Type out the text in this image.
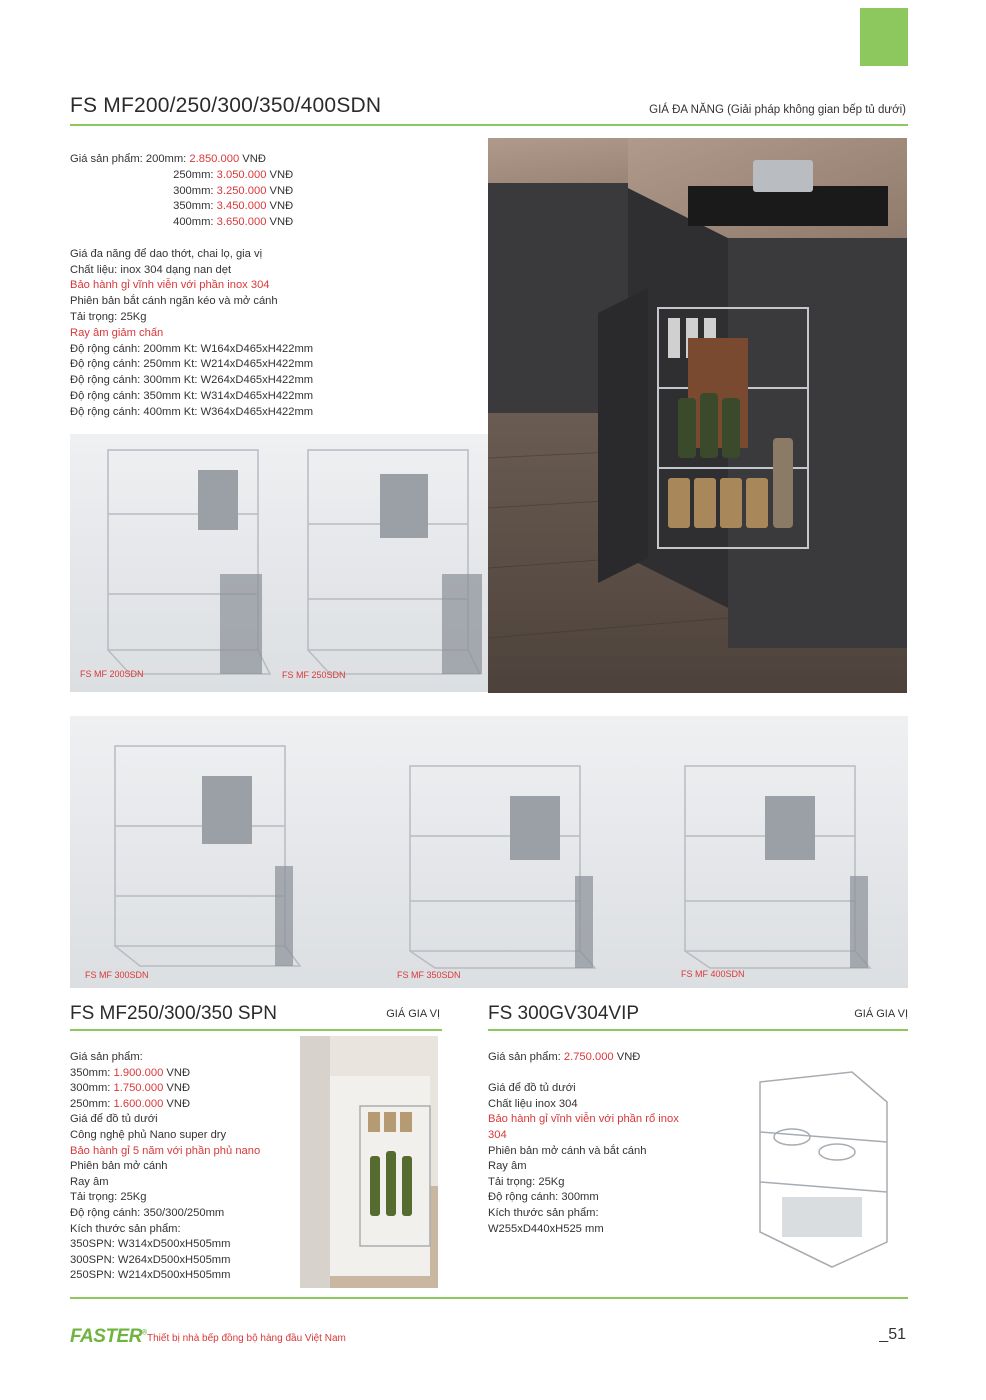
FS MF200/250/300/350/400SDN	GIÁ ĐA NĂNG (Giải pháp không gian bếp tủ dưới)
Giá sản phẩm: 200mm: 2.850.000 VNĐ
250mm: 3.050.000 VNĐ
300mm: 3.250.000 VNĐ
350mm: 3.450.000 VNĐ
400mm: 3.650.000 VNĐ
Giá đa năng để dao thớt, chai lọ, gia vị
Chất liệu: inox 304 dạng nan dẹt
Bảo hành gỉ vĩnh viễn với phần inox 304
Phiên bản bắt cánh ngăn kéo và mở cánh
Tải trọng: 25Kg
Ray âm giảm chấn
Độ rộng cánh: 200mm Kt: W164xD465xH422mm
Độ rộng cánh: 250mm Kt: W214xD465xH422mm
Độ rộng cánh: 300mm Kt: W264xD465xH422mm
Độ rộng cánh: 350mm Kt: W314xD465xH422mm
Độ rộng cánh: 400mm Kt: W364xD465xH422mm
FS MF 200SDN	FS MF 250SDN
FS MF 300SDN	FS MF 350SDN	FS MF 400SDN
FS MF250/300/350 SPN	GIÁ GIA VỊ
Giá sản phẩm:
350mm: 1.900.000 VNĐ
300mm: 1.750.000 VNĐ
250mm: 1.600.000 VNĐ
Giá để đồ tủ dưới
Công nghệ phủ Nano super dry
Bảo hành gỉ 5 năm với phần phủ nano
Phiên bản mở cánh
Ray âm
Tải trọng: 25Kg
Độ rộng cánh: 350/300/250mm
Kích thước sản phẩm:
350SPN: W314xD500xH505mm
300SPN: W264xD500xH505mm
250SPN: W214xD500xH505mm
FS 300GV304VIP	GIÁ GIA VỊ
Giá sản phẩm: 2.750.000 VNĐ
Giá để đồ tủ dưới
Chất liệu inox 304
Bảo hành gỉ vĩnh viễn với phần rổ inox
304
Phiên bản mở cánh và bắt cánh
Ray âm
Tải trọng: 25Kg
Độ rộng cánh: 300mm
Kích thước sản phẩm:
W255xD440xH525 mm
FASTER® Thiết bị nhà bếp đồng bộ hàng đầu Việt Nam	_51
